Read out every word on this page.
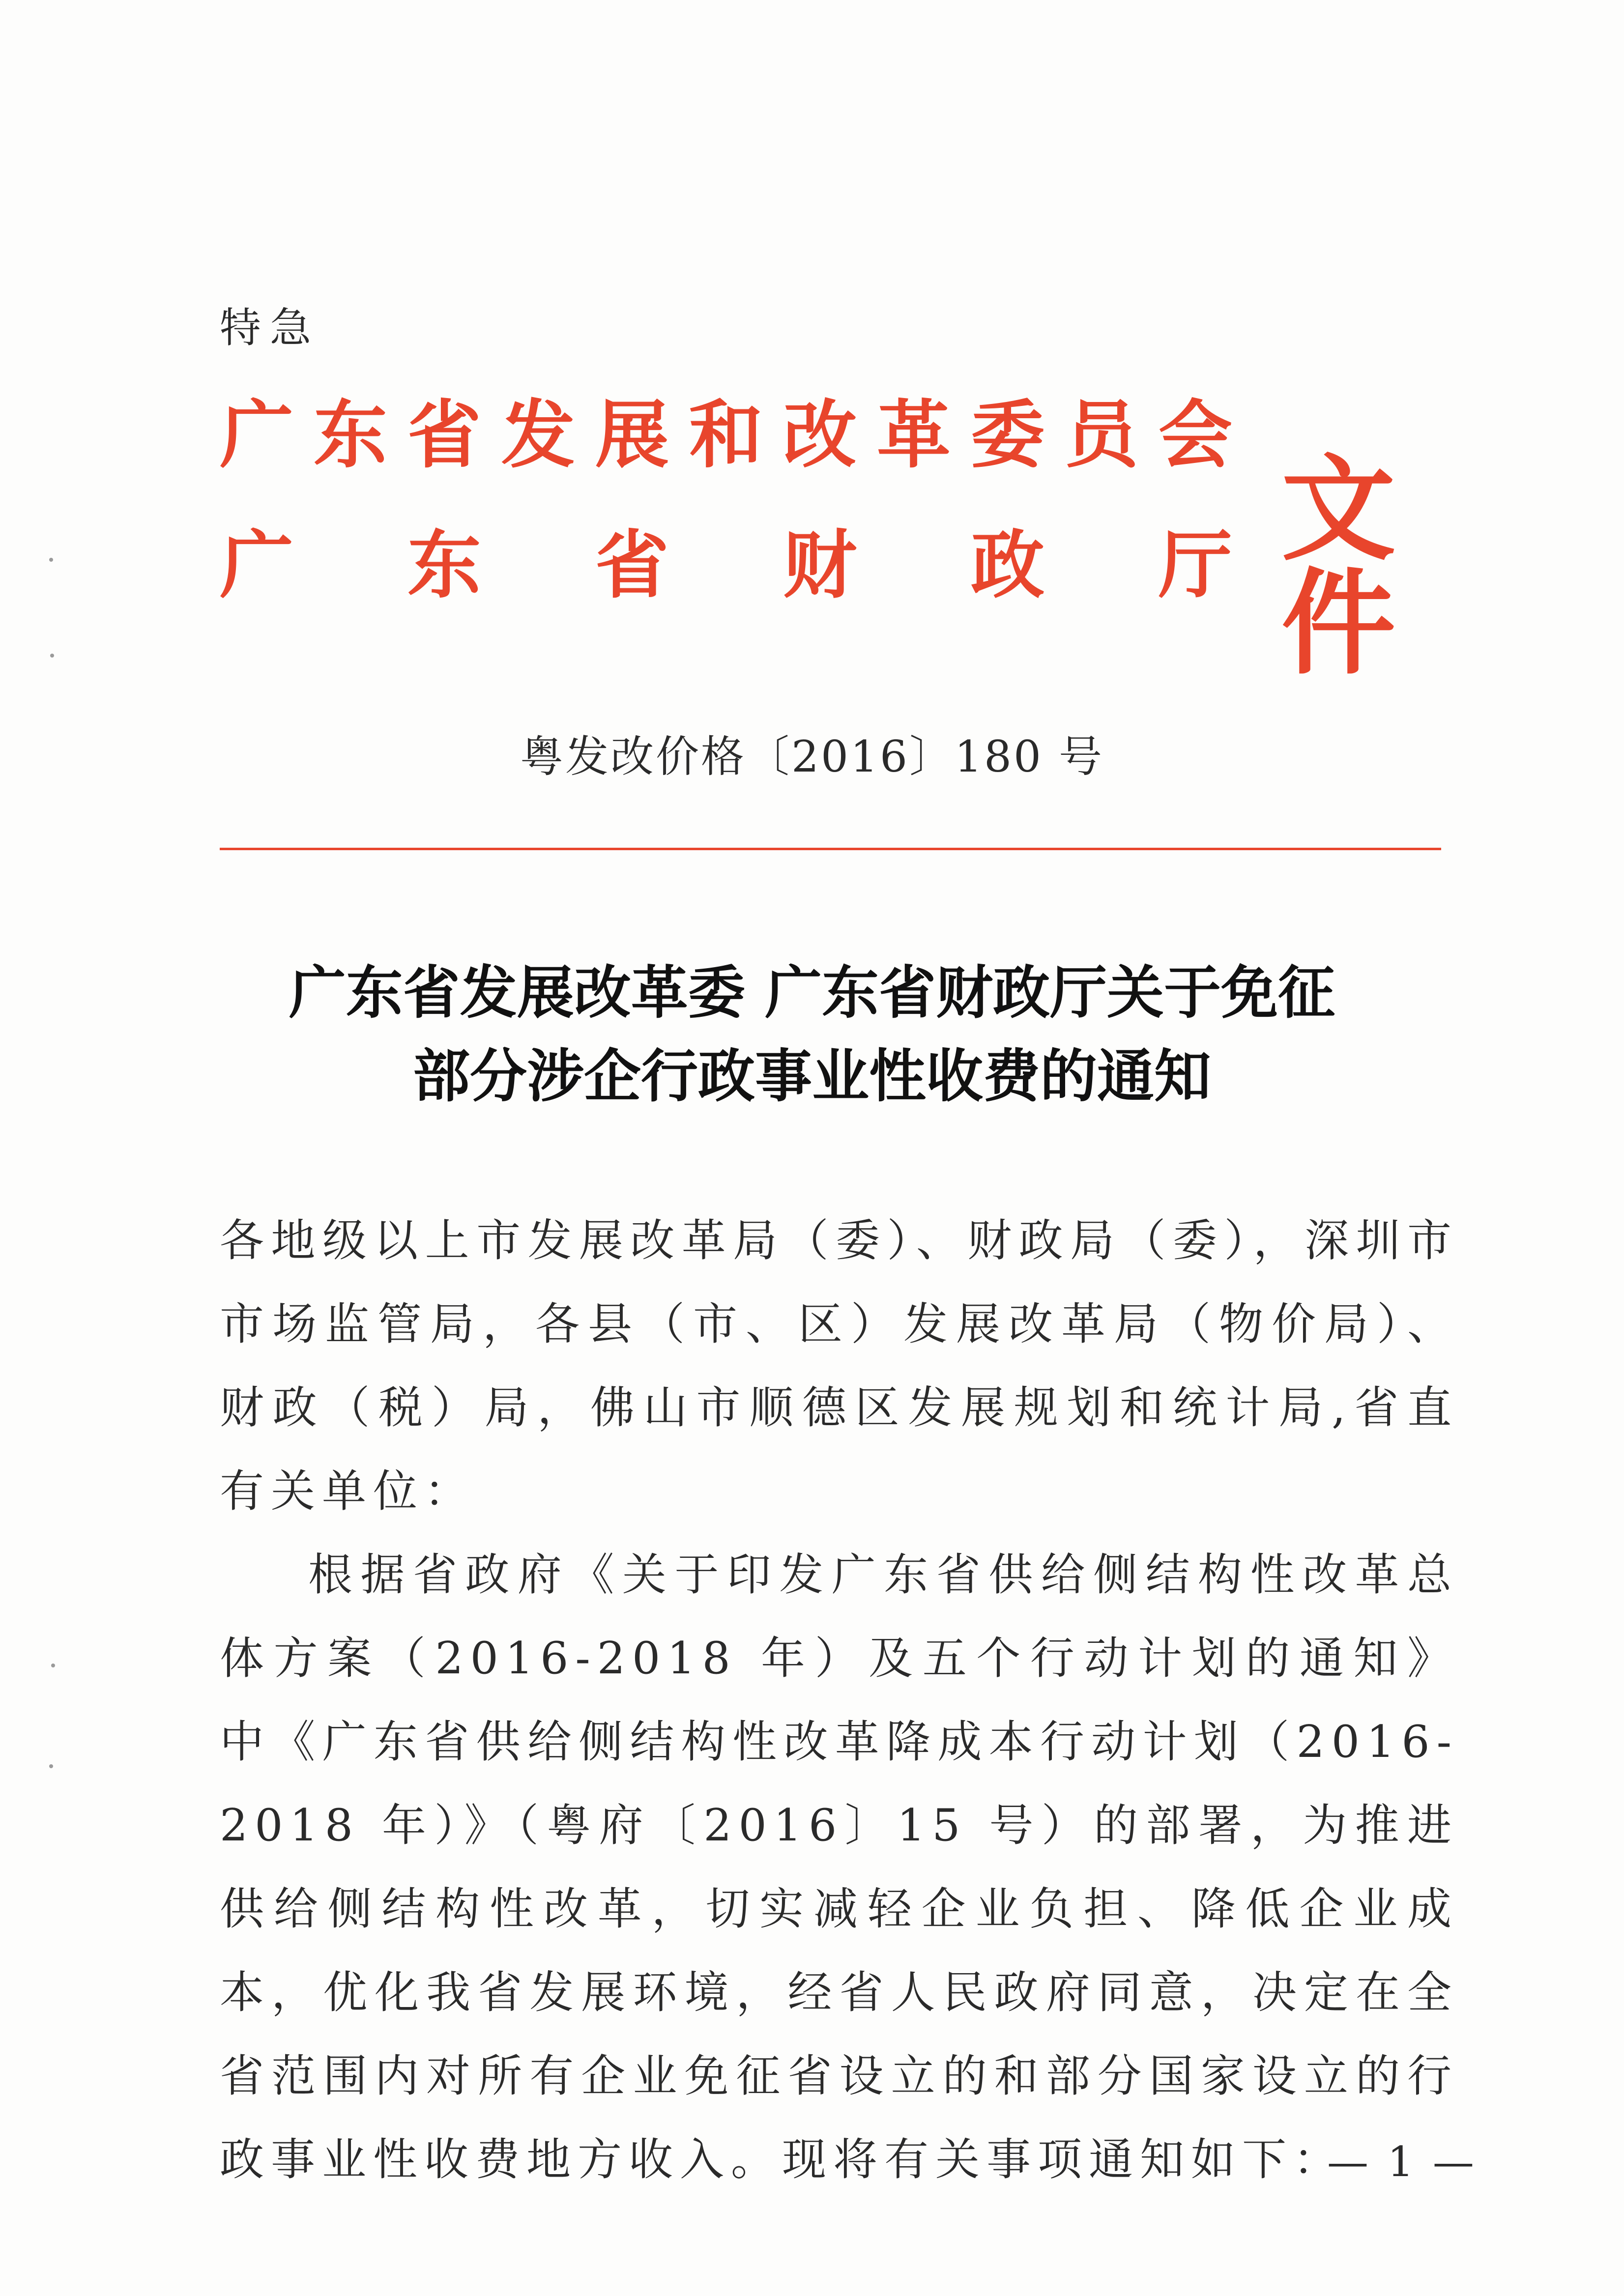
特急
广 东 省 发 展 和 改 革 委 员 会
广 东 省 财 政 厅 文件
粤发改价格〔2016〕180 号
广东省发展改革委 广东省财政厅关于免征
部分涉企行政事业性收费的通知

各地级以上市发展改革局（委）、财政局（委），深圳市市场监管局，各县（市、区）发展改革局（物价局）、财政（税）局，佛山市顺德区发展规划和统计局,省直有关单位：

根据省政府《关于印发广东省供给侧结构性改革总体方案（2016-2018 年）及五个行动计划的通知》中《广东省供给侧结构性改革降成本行动计划（2016-2018 年）》（粤府〔2016〕15 号）的部署，为推进供给侧结构性改革，切实减轻企业负担、降低企业成本，优化我省发展环境，经省人民政府同意，决定在全省范围内对所有企业免征省设立的和部分国家设立的行政事业性收费地方收入。现将有关事项通知如下：

— 1 —
